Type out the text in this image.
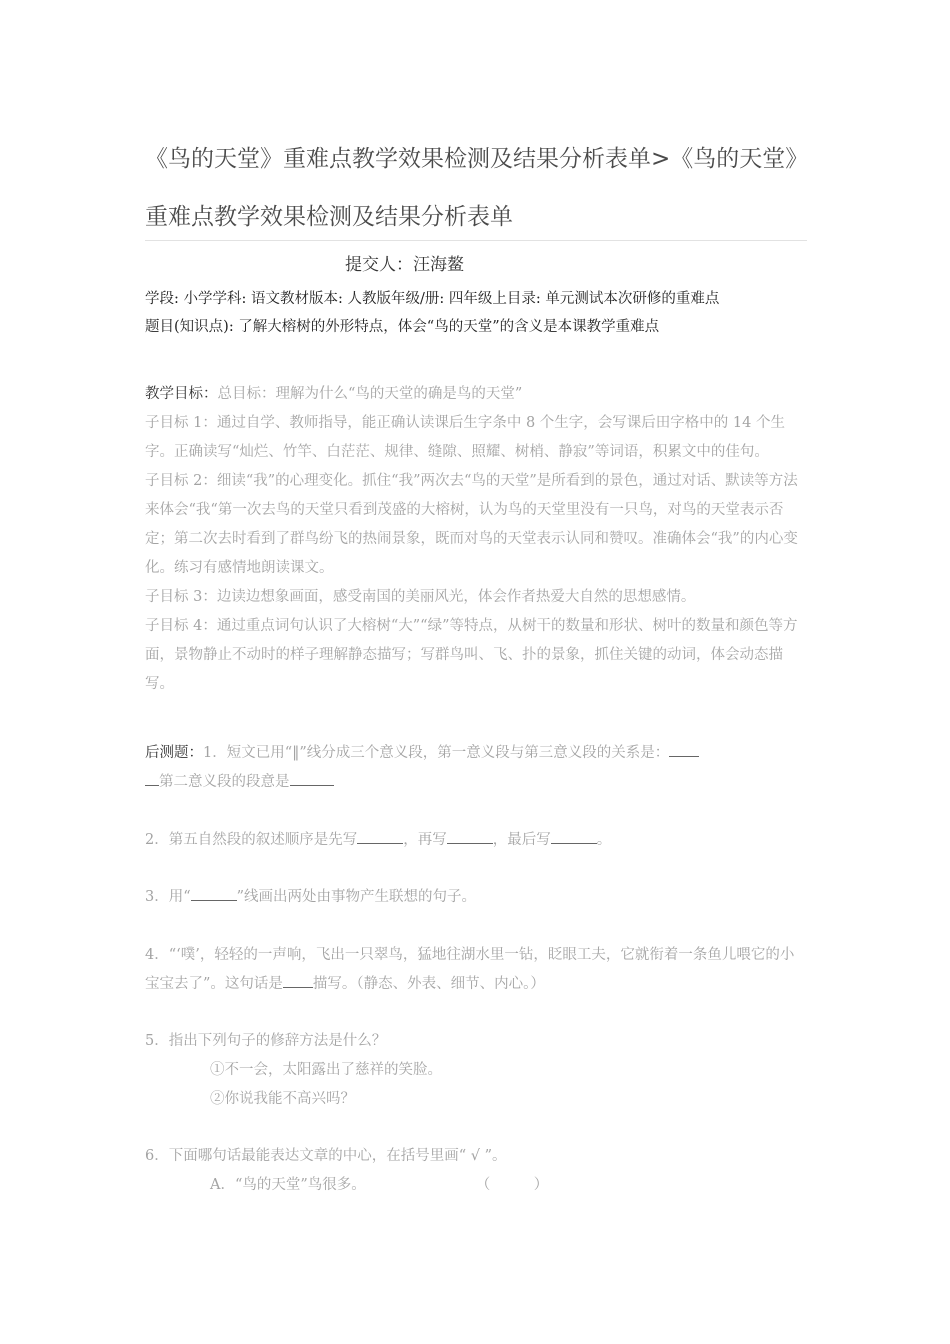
《鸟的天堂》重难点教学效果检测及结果分析表单>《鸟的天堂》重难点教学效果检测及结果分析表单
提交人：汪海鳌
学段: 小学学科: 语文教材版本: 人教版年级/册: 四年级上目录: 单元测试本次研修的重难点
题目(知识点): 了解大榕树的外形特点，体会“鸟的天堂”的含义是本课教学重难点

教学目标：总目标：理解为什么“鸟的天堂的确是鸟的天堂”

子目标 1：通过自学、教师指导，能正确认读课后生字条中 8 个生字，会写课后田字格中的 14 个生字。正确读写“灿烂、竹竿、白茫茫、规律、缝隙、照耀、树梢、静寂”等词语，积累文中的佳句。

子目标 2：细读“我”的心理变化。抓住“我”两次去“鸟的天堂”是所看到的景色，通过对话、默读等方法来体会“我“第一次去鸟的天堂只看到茂盛的大榕树，认为鸟的天堂里没有一只鸟，对鸟的天堂表示否定；第二次去时看到了群鸟纷飞的热闹景象，既而对鸟的天堂表示认同和赞叹。准确体会“我”的内心变化。练习有感情地朗读课文。

子目标 3：边读边想象画面，感受南国的美丽风光，体会作者热爱大自然的思想感情。

子目标 4：通过重点词句认识了大榕树“大”“绿”等特点，从树干的数量和形状、树叶的数量和颜色等方面，景物静止不动时的样子理解静态描写；写群鸟叫、飞、扑的景象，抓住关键的动词，体会动态描写。

后测题：1．短文已用“‖”线分成三个意义段，第一意义段与第三意义段的关系是：
第二意义段的段意是

2．第五自然段的叙述顺序是先写	，再写	，最后写	。

3．用“	”线画出两处由事物产生联想的句子。

4．“‘噗’，轻轻的一声响，飞出一只翠鸟，猛地往湖水里一钻，眨眼工夫，它就衔着一条鱼儿喂它的小宝宝去了”。这句话是 描写。（静态、外表、细节、内心。）

5．指出下列句子的修辞方法是什么？

①不一会，太阳露出了慈祥的笑脸。

②你说我能不高兴吗？

6．下面哪句话最能表达文章的中心，在括号里画“ √ ”。

A．“鸟的天堂”鸟很多。	（　　　）
